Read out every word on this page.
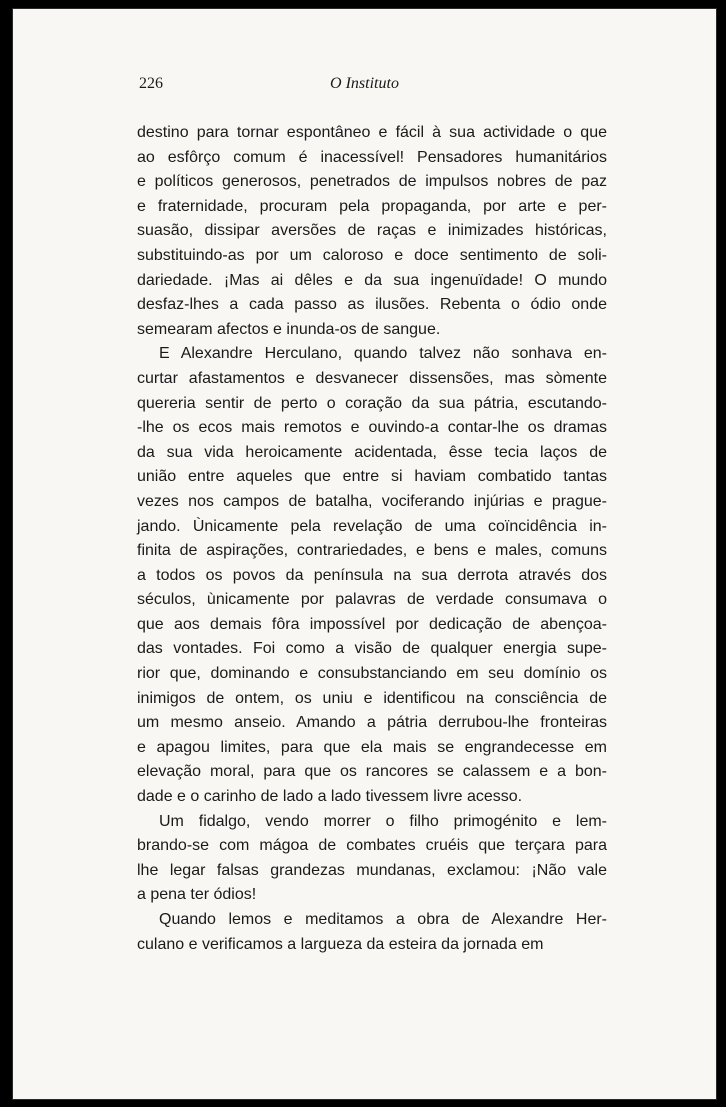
226	O Instituto
destino para tornar espontâneo e fácil à sua actividade o que
ao esfôrço comum é inacessível! Pensadores humanitários
e políticos generosos, penetrados de impulsos nobres de paz
e fraternidade, procuram pela propaganda, por arte e per-
suasão, dissipar aversões de raças e inimizades históricas,
substituindo-as por um caloroso e doce sentimento de soli-
dariedade. ¡Mas ai dêles e da sua ingenuïdade! O mundo
desfaz-lhes a cada passo as ilusões. Rebenta o ódio onde
semearam afectos e inunda-os de sangue.
E Alexandre Herculano, quando talvez não sonhava en-
curtar afastamentos e desvanecer dissensões, mas sòmente
quereria sentir de perto o coração da sua pátria, escutando-
-lhe os ecos mais remotos e ouvindo-a contar-lhe os dramas
da sua vida heroicamente acidentada, êsse tecia laços de
união entre aqueles que entre si haviam combatido tantas
vezes nos campos de batalha, vociferando injúrias e prague-
jando. Ùnicamente pela revelação de uma coïncidência in-
finita de aspirações, contrariedades, e bens e males, comuns
a todos os povos da península na sua derrota através dos
séculos, ùnicamente por palavras de verdade consumava o
que aos demais fôra impossível por dedicação de abençoa-
das vontades. Foi como a visão de qualquer energia supe-
rior que, dominando e consubstanciando em seu domínio os
inimigos de ontem, os uniu e identificou na consciência de
um mesmo anseio. Amando a pátria derrubou-lhe fronteiras
e apagou limites, para que ela mais se engrandecesse em
elevação moral, para que os rancores se calassem e a bon-
dade e o carinho de lado a lado tivessem livre acesso.
Um fidalgo, vendo morrer o filho primogénito e lem-
brando-se com mágoa de combates cruéis que terçara para
lhe legar falsas grandezas mundanas, exclamou: ¡Não vale
a pena ter ódios!
Quando lemos e meditamos a obra de Alexandre Her-
culano e verificamos a largueza da esteira da jornada em
